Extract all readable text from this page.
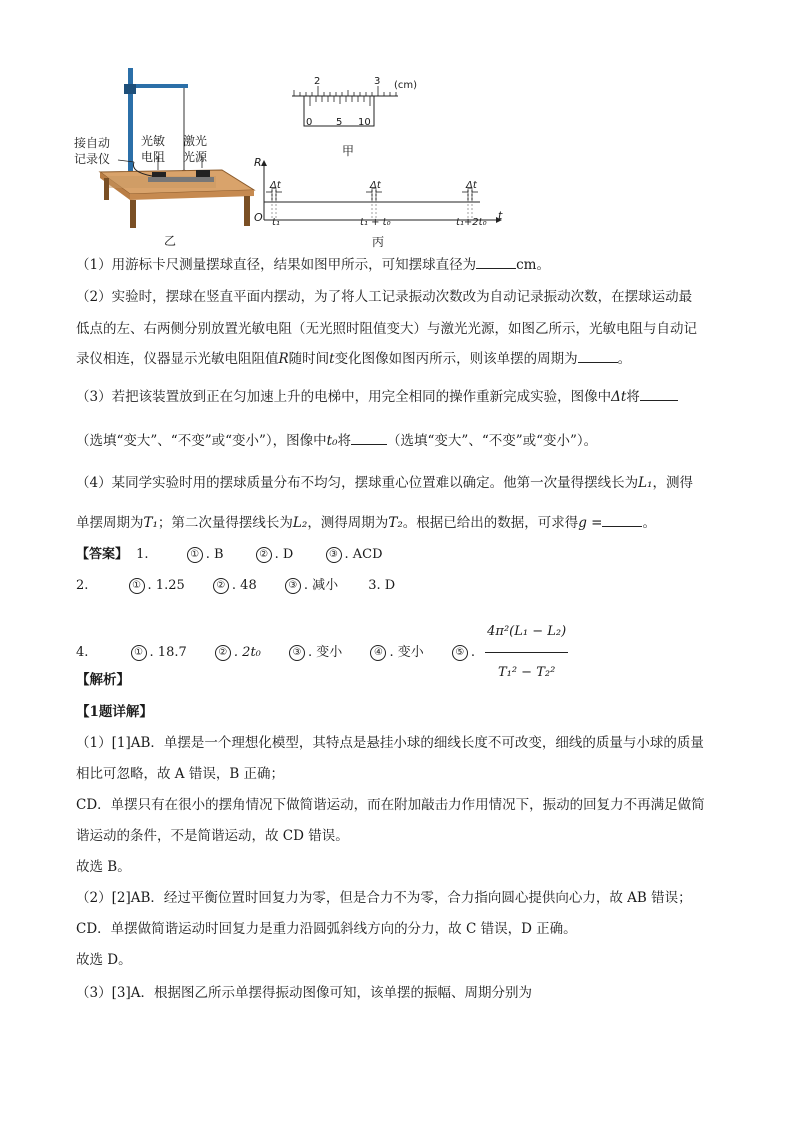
接自动
记录仪
光敏
电阻
激光
光源
乙
2	3 (cm)
0 5 10
甲
R
t
O
Δt	Δt	Δt
t₁	t₁ + t₀	t₁+2t₀
丙
（1）用游标卡尺测量摆球直径，结果如图甲所示，可知摆球直径为	cm。
（2）实验时，摆球在竖直平面内摆动，为了将人工记录振动次数改为自动记录振动次数，在摆球运动最
低点的左、右两侧分别放置光敏电阻（无光照时阻值变大）与激光光源，如图乙所示，光敏电阻与自动记
录仪相连，仪器显示光敏电阻阻值R随时间t变化图像如图丙所示，则该单摆的周期为	。
（3）若把该装置放到正在匀加速上升的电梯中，用完全相同的操作重新完成实验，图像中Δt将
（选填“变大”、“不变”或“变小”），图像中t₀将	（选填“变大”、“不变”或“变小”）。
（4）某同学实验时用的摆球质量分布不均匀，摆球重心位置难以确定。他第一次量得摆线长为L₁，测得
单摆周期为T₁；第二次量得摆线长为L₂，测得周期为T₂。根据已给出的数据，可求得g =	。
【答案】 1.	① . B	② . D	③ . ACD
2.	① . 1.25	② . 48	③ . 减小 3. D
4.	① . 18.7	② . 2t₀	③ . 变小	④ . 变小	⑤ . $\frac{\text{4π²(L₁ − L₂)}}{\text{T₁² − T₂²}}$
【解析】
【1题详解】
（1）[1]AB．单摆是一个理想化模型，其特点是悬挂小球的细线长度不可改变，细线的质量与小球的质量
相比可忽略，故 A 错误，B 正确；
CD．单摆只有在很小的摆角情况下做简谐运动，而在附加敲击力作用情况下，振动的回复力不再满足做简
谐运动的条件，不是简谐运动，故 CD 错误。
故选 B。
（2）[2]AB．经过平衡位置时回复力为零，但是合力不为零，合力指向圆心提供向心力，故 AB 错误；
CD．单摆做简谐运动时回复力是重力沿圆弧斜线方向的分力，故 C 错误，D 正确。
故选 D。
（3）[3]A．根据图乙所示单摆得振动图像可知，该单摆的振幅、周期分别为
